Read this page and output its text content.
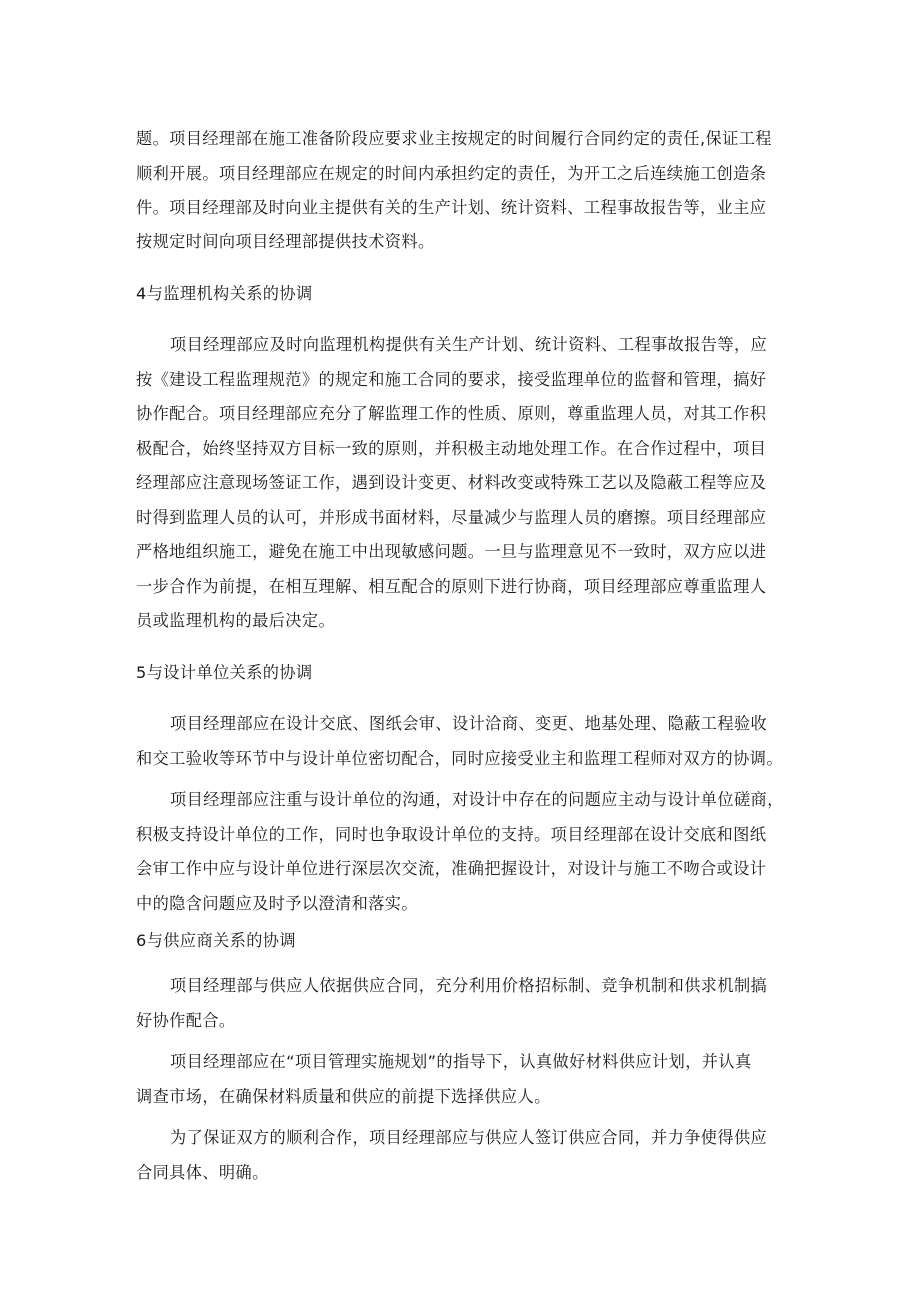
题。项目经理部在施工准备阶段应要求业主按规定的时间履行合同约定的责任,保证工程
顺利开展。项目经理部应在规定的时间内承担约定的责任，为开工之后连续施工创造条
件。项目经理部及时向业主提供有关的生产计划、统计资料、工程事故报告等，业主应
按规定时间向项目经理部提供技术资料。
4与监理机构关系的协调
项目经理部应及时向监理机构提供有关生产计划、统计资料、工程事故报告等，应
按《建设工程监理规范》的规定和施工合同的要求，接受监理单位的监督和管理，搞好
协作配合。项目经理部应充分了解监理工作的性质、原则，尊重监理人员，对其工作积
极配合，始终坚持双方目标一致的原则，并积极主动地处理工作。在合作过程中，项目
经理部应注意现场签证工作，遇到设计变更、材料改变或特殊工艺以及隐蔽工程等应及
时得到监理人员的认可，并形成书面材料，尽量减少与监理人员的磨擦。项目经理部应
严格地组织施工，避免在施工中出现敏感问题。一旦与监理意见不一致时，双方应以进
一步合作为前提，在相互理解、相互配合的原则下进行协商，项目经理部应尊重监理人
员或监理机构的最后决定。
5与设计单位关系的协调
项目经理部应在设计交底、图纸会审、设计洽商、变更、地基处理、隐蔽工程验收
和交工验收等环节中与设计单位密切配合，同时应接受业主和监理工程师对双方的协调。
项目经理部应注重与设计单位的沟通，对设计中存在的问题应主动与设计单位磋商，
积极支持设计单位的工作，同时也争取设计单位的支持。项目经理部在设计交底和图纸
会审工作中应与设计单位进行深层次交流，准确把握设计，对设计与施工不吻合或设计
中的隐含问题应及时予以澄清和落实。
6与供应商关系的协调
项目经理部与供应人依据供应合同，充分利用价格招标制、竞争机制和供求机制搞
好协作配合。
项目经理部应在“项目管理实施规划”的指导下，认真做好材料供应计划，并认真
调查市场，在确保材料质量和供应的前提下选择供应人。
为了保证双方的顺利合作，项目经理部应与供应人签订供应合同，并力争使得供应
合同具体、明确。
